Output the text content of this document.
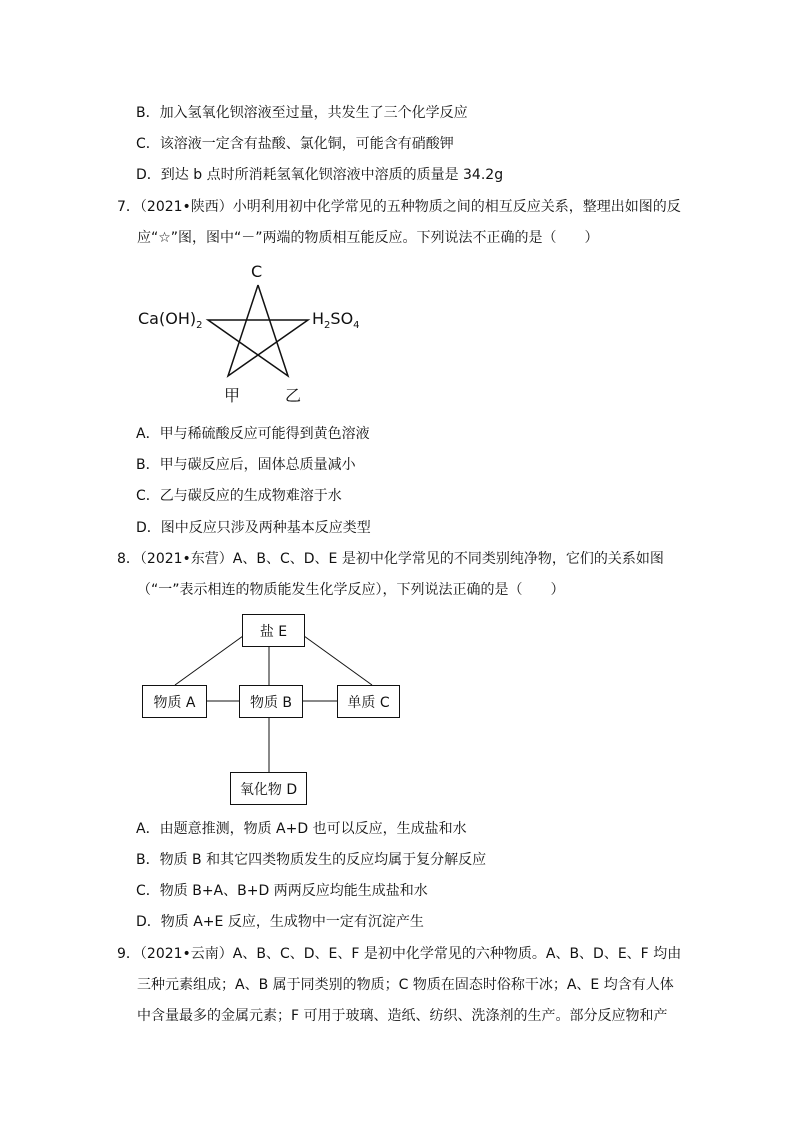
B．加入氢氧化钡溶液至过量，共发生了三个化学反应
C．该溶液一定含有盐酸、氯化铜，可能含有硝酸钾
D．到达 b 点时所消耗氢氧化钡溶液中溶质的质量是 34.2g
7．（2021•陕西）小明利用初中化学常见的五种物质之间的相互反应关系，整理出如图的反
应“☆”图，图中“－”两端的物质相互能反应。下列说法不正确的是（　　）
C
$Ca(OH)_2$	$H_2SO_4$
甲	乙
A．甲与稀硫酸反应可能得到黄色溶液
B．甲与碳反应后，固体总质量减小
C．乙与碳反应的生成物难溶于水
D．图中反应只涉及两种基本反应类型
8．（2021•东营）A、B、C、D、E 是初中化学常见的不同类别纯净物，它们的关系如图
（“一”表示相连的物质能发生化学反应），下列说法正确的是（　　）
盐 E
物质 A	物质 B	单质 C
氧化物 D
A．由题意推测，物质 A+D 也可以反应，生成盐和水
B．物质 B 和其它四类物质发生的反应均属于复分解反应
C．物质 B+A、B+D 两两反应均能生成盐和水
D．物质 A+E 反应，生成物中一定有沉淀产生
9．（2021•云南）A、B、C、D、E、F 是初中化学常见的六种物质。A、B、D、E、F 均由
三种元素组成；A、B 属于同类别的物质；C 物质在固态时俗称干冰；A、E 均含有人体
中含量最多的金属元素；F 可用于玻璃、造纸、纺织、洗涤剂的生产。部分反应物和产
